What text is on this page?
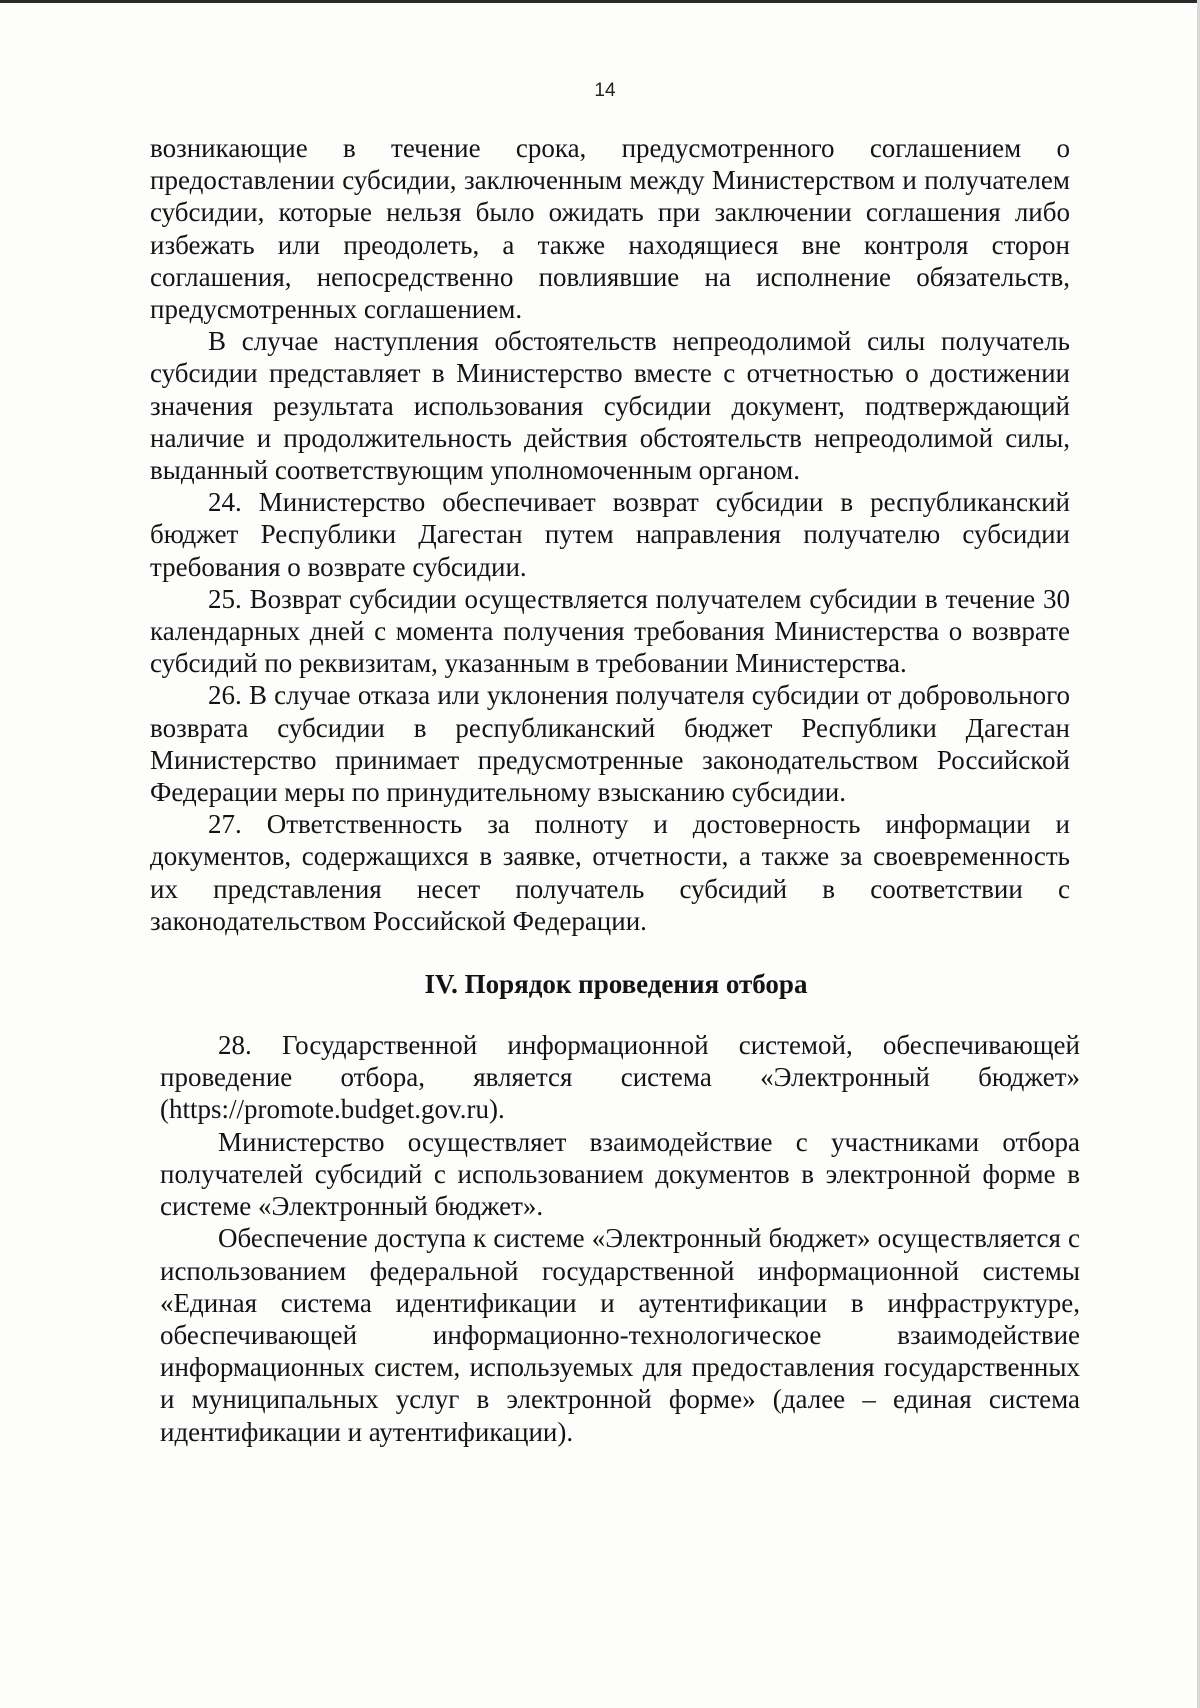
14

возникающие в течение срока, предусмотренного соглашением о предоставлении субсидии, заключенным между Министерством и получателем субсидии, которые нельзя было ожидать при заключении соглашения либо избежать или преодолеть, а также находящиеся вне контроля сторон соглашения, непосредственно повлиявшие на исполнение обязательств, предусмотренных соглашением.

В случае наступления обстоятельств непреодолимой силы получатель субсидии представляет в Министерство вместе с отчетностью о достижении значения результата использования субсидии документ, подтверждающий наличие и продолжительность действия обстоятельств непреодолимой силы, выданный соответствующим уполномоченным органом.

24. Министерство обеспечивает возврат субсидии в республиканский бюджет Республики Дагестан путем направления получателю субсидии требования о возврате субсидии.

25. Возврат субсидии осуществляется получателем субсидии в течение 30 календарных дней с момента получения требования Министерства о возврате субсидий по реквизитам, указанным в требовании Министерства.

26. В случае отказа или уклонения получателя субсидии от добровольного возврата субсидии в республиканский бюджет Республики Дагестан Министерство принимает предусмотренные законодательством Российской Федерации меры по принудительному взысканию субсидии.

27. Ответственность за полноту и достоверность информации и документов, содержащихся в заявке, отчетности, а также за своевременность их представления несет получатель субсидий в соответствии с законодательством Российской Федерации.

IV. Порядок проведения отбора

28. Государственной информационной системой, обеспечивающей проведение отбора, является система «Электронный бюджет» (https://promote.budget.gov.ru).

Министерство осуществляет взаимодействие с участниками отбора получателей субсидий с использованием документов в электронной форме в системе «Электронный бюджет».

Обеспечение доступа к системе «Электронный бюджет» осуществляется с использованием федеральной государственной информационной системы «Единая система идентификации и аутентификации в инфраструктуре, обеспечивающей информационно-технологическое взаимодействие информационных систем, используемых для предоставления государственных и муниципальных услуг в электронной форме» (далее – единая система идентификации и аутентификации).
